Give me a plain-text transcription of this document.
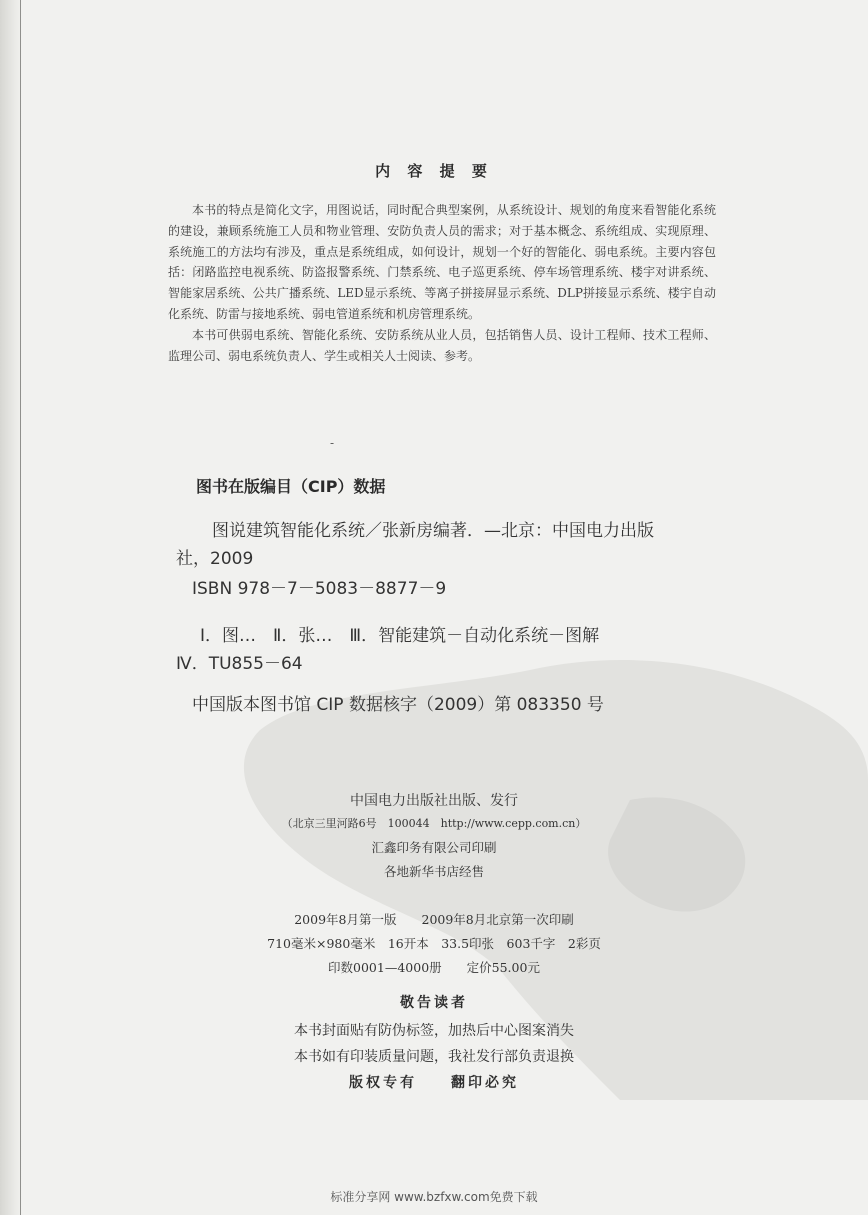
内 容 提 要

本书的特点是简化文字，用图说话，同时配合典型案例，从系统设计、规划的角度来看智能化系统的建设，兼顾系统施工人员和物业管理、安防负责人员的需求；对于基本概念、系统组成、实现原理、系统施工的方法均有涉及，重点是系统组成，如何设计，规划一个好的智能化、弱电系统。主要内容包括：闭路监控电视系统、防盗报警系统、门禁系统、电子巡更系统、停车场管理系统、楼宇对讲系统、智能家居系统、公共广播系统、LED显示系统、等离子拼接屏显示系统、DLP拼接显示系统、楼宇自动化系统、防雷与接地系统、弱电管道系统和机房管理系统。

本书可供弱电系统、智能化系统、安防系统从业人员，包括销售人员、设计工程师、技术工程师、监理公司、弱电系统负责人、学生或相关人士阅读、参考。

-
图书在版编目（CIP）数据
图说建筑智能化系统／张新房编著．—北京：中国电力出版
社，2009
ISBN 978－7－5083－8877－9
Ⅰ．图…　Ⅱ．张…　Ⅲ．智能建筑－自动化系统－图解
Ⅳ．TU855－64
中国版本图书馆 CIP 数据核字（2009）第 083350 号
中国电力出版社出版、发行
（北京三里河路6号　100044　http://www.cepp.com.cn）
汇鑫印务有限公司印刷
各地新华书店经售
2009年8月第一版　　2009年8月北京第一次印刷
710毫米×980毫米　16开本　33.5印张　603千字　2彩页
印数0001—4000册　　定价55.00元
敬告读者
本书封面贴有防伪标签，加热后中心图案消失
本书如有印装质量问题，我社发行部负责退换
版权专有　　翻印必究
标准分享网 www.bzfxw.com免费下载
